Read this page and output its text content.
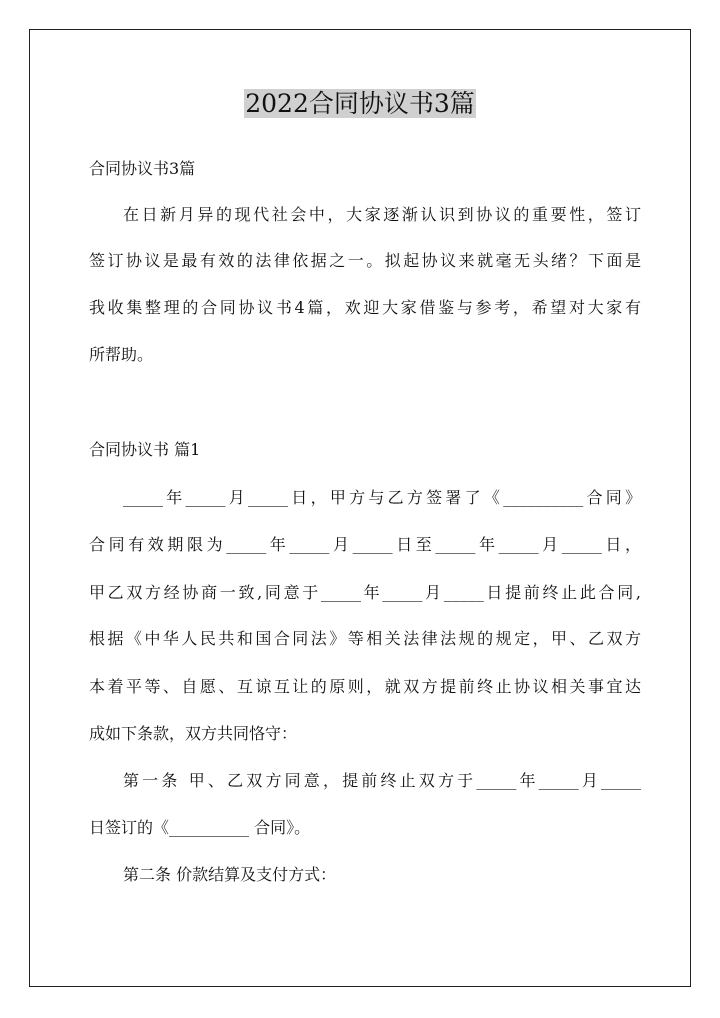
2022合同协议书3篇
合同协议书3篇
在日新月异的现代社会中，大家逐渐认识到协议的重要性，签订
签订协议是最有效的法律依据之一。拟起协议来就毫无头绪？下面是
我收集整理的合同协议书4篇，欢迎大家借鉴与参考，希望对大家有
所帮助。
合同协议书 篇1
_____年_____月_____日，甲方与乙方签署了《__________合同》
合同有效期限为_____年_____月_____日至_____年_____月_____日，
甲乙双方经协商一致,同意于_____年_____月_____日提前终止此合同,
根据《中华人民共和国合同法》等相关法律法规的规定，甲、乙双方
本着平等、自愿、互谅互让的原则，就双方提前终止协议相关事宜达
成如下条款，双方共同恪守：
第一条 甲、乙双方同意，提前终止双方于_____年_____月_____
日签订的《__________ 合同》。
第二条 价款结算及支付方式：
